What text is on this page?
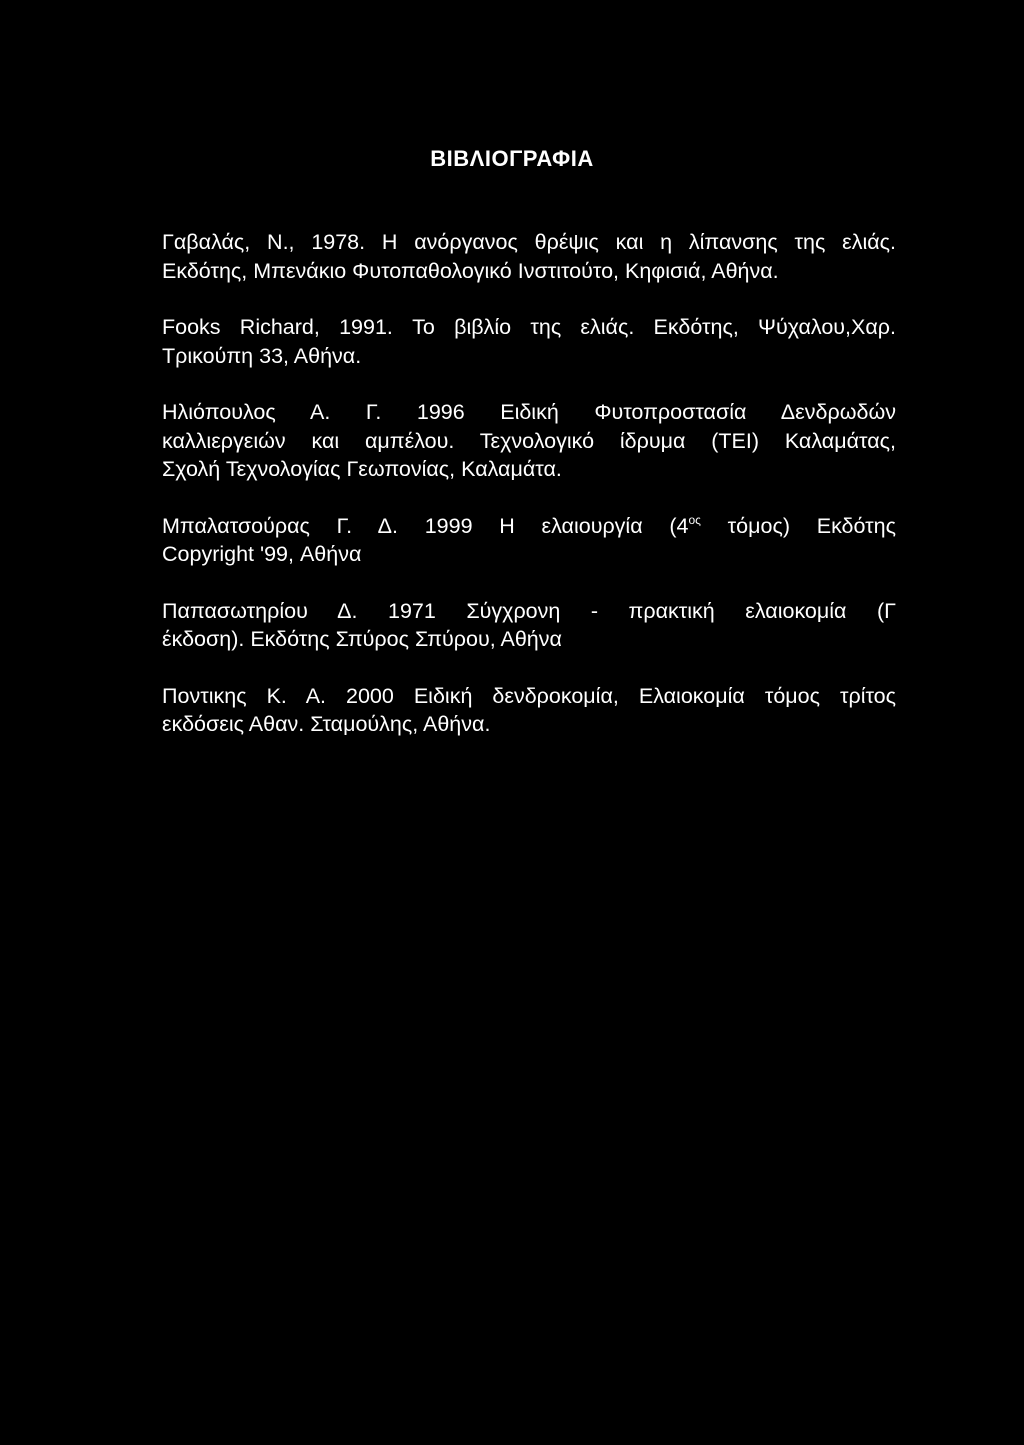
ΒΙΒΛΙΟΓΡΑΦΙΑ
Γαβαλάς, Ν., 1978. Η ανόργανος θρέψις και η λίπανσης της ελιάς.
Εκδότης, Μπενάκιο Φυτοπαθολογικό Ινστιτούτο, Κηφισιά, Αθήνα.
Fooks Richard, 1991. Το βιβλίο της ελιάς. Εκδότης, Ψύχαλου,Χαρ.
Τρικούπη 33, Αθήνα.
Ηλιόπουλος Α. Γ. 1996 Ειδική Φυτοπροστασία Δενδρωδών
καλλιεργειών και αμπέλου. Τεχνολογικό ίδρυμα (ΤΕΙ) Καλαμάτας,
Σχολή Τεχνολογίας Γεωπονίας, Καλαμάτα.
Μπαλατσούρας Γ. Δ. 1999 Η ελαιουργία ($4^{o\varsigma}$ τόμος) Εκδότης
Copyright '99, Αθήνα
Παπασωτηρίου Δ. 1971 Σύγχρονη - πρακτική ελαιοκομία (Γ
έκδοση). Εκδότης Σπύρος Σπύρου, Αθήνα
Ποντικης Κ. Α. 2000 Ειδική δενδροκομία, Ελαιοκομία τόμος τρίτος
εκδόσεις Αθαν. Σταμούλης, Αθήνα.
